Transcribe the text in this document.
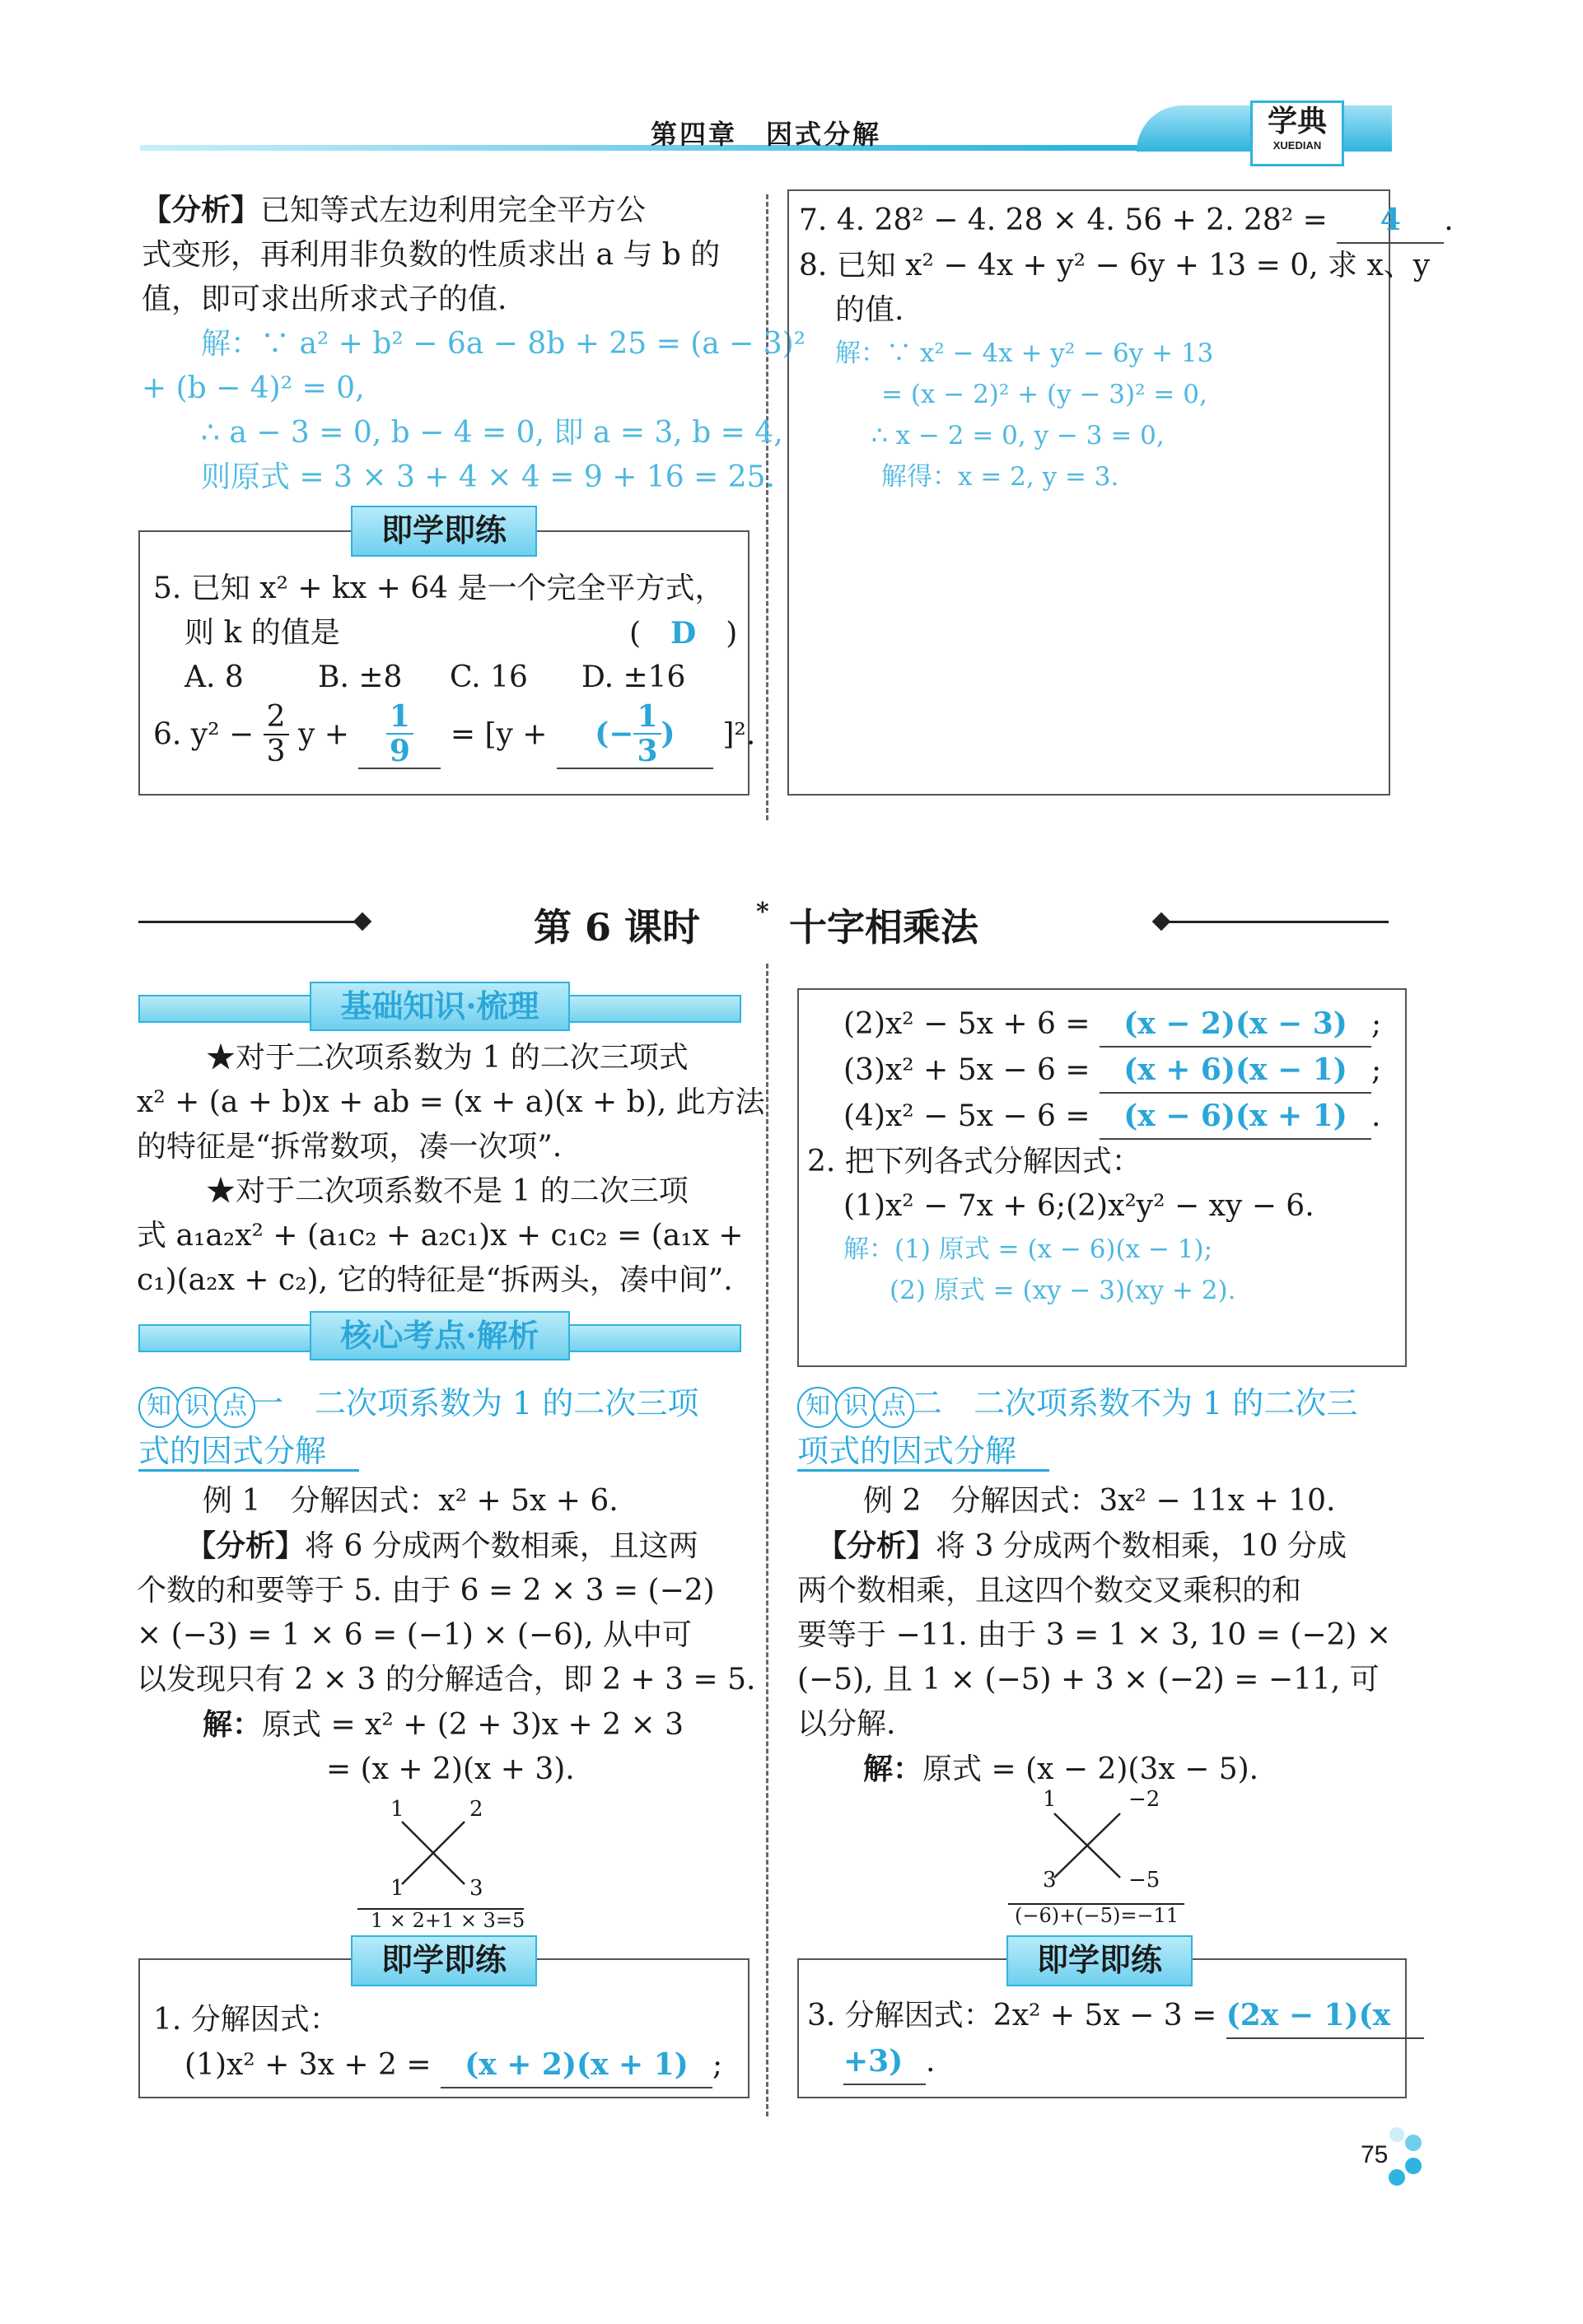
第四章　因式分解	学典
XUEDIAN
【分析】已知等式左边利用完全平方公
式变形，再利用非负数的性质求出 a 与 b 的
值，即可求出所求式子的值.
解：∵ a² + b² − 6a − 8b + 25 = (a − 3)²
+ (b − 4)² = 0,
∴ a − 3 = 0, b − 4 = 0, 即 a = 3, b = 4,
则原式 = 3 × 3 + 4 × 4 = 9 + 16 = 25.
即学即练
5. 已知 x² + kx + 64 是一个完全平方式，
则 k 的值是	(　D　)
A. 8	B. ±8 C. 16 D. ±16
6. $y^2 - \frac{2}{3}$ $y + \frac{1}{9} = [y$ + (− $\frac{1}{3}$ ) ]².
7. 4. 28² − 4. 28 × 4. 56 + 2. 28² = 4 .
8. 已知 x² − 4x + y² − 6y + 13 = 0, 求 x、y
的值.
解：∵ x² − 4x + y² − 6y + 13
= (x − 2)² + (y − 3)² = 0,
∴ x − 2 = 0, y − 3 = 0,
解得：x = 2, y = 3.
第 6 课时 * 十字相乘法
基础知识·梳理
★对于二次项系数为 1 的二次三项式
x² + (a + b)x + ab = (x + a)(x + b), 此方法
的特征是“拆常数项，凑一次项”.
★对于二次项系数不是 1 的二次三项
式 a₁a₂x² + (a₁c₂ + a₂c₁)x + c₁c₂ = (a₁x +
c₁)(a₂x + c₂), 它的特征是“拆两头，凑中间”.
核心考点·解析
知 识 点 一　 二次项系数为 1 的二次三项
式的因式分解
例 1　分解因式：x² + 5x + 6.
【分析】将 6 分成两个数相乘，且这两
个数的和要等于 5. 由于 6 = 2 × 3 = (−2)
× (−3) = 1 × 6 = (−1) × (−6), 从中可
以发现只有 2 × 3 的分解适合，即 2 + 3 = 5.
解：原式 = x² + (2 + 3)x + 2 × 3
= (x + 2)(x + 3).
1	2
1	3
1 × 2+1 × 3=5
即学即练
1. 分解因式：
(1)x² + 3x + 2 = (x + 2)(x + 1) ;
(2)x² − 5x + 6 = (x − 2)(x − 3) ;
(3)x² + 5x − 6 = (x + 6)(x − 1) ;
(4)x² − 5x − 6 = (x − 6)(x + 1) .
2. 把下列各式分解因式：
(1)x² − 7x + 6;(2)x²y² − xy − 6.
解：(1) 原式 = (x − 6)(x − 1);
(2) 原式 = (xy − 3)(xy + 2).
知 识 点 二　 二次项系数不为 1 的二次三
项式的因式分解
例 2　分解因式：3x² − 11x + 10.
【分析】将 3 分成两个数相乘，10 分成
两个数相乘，且这四个数交叉乘积的和
要等于 −11. 由于 3 = 1 × 3, 10 = (−2) ×
(−5), 且 1 × (−5) + 3 × (−2) = −11, 可
以分解.
解：原式 = (x − 2)(3x − 5).
1	−2
3	−5
(−6)+(−5)=−11
即学即练
3. 分解因式：2x² + 5x − 3 = (2x − 1)(x
+3) .
75
